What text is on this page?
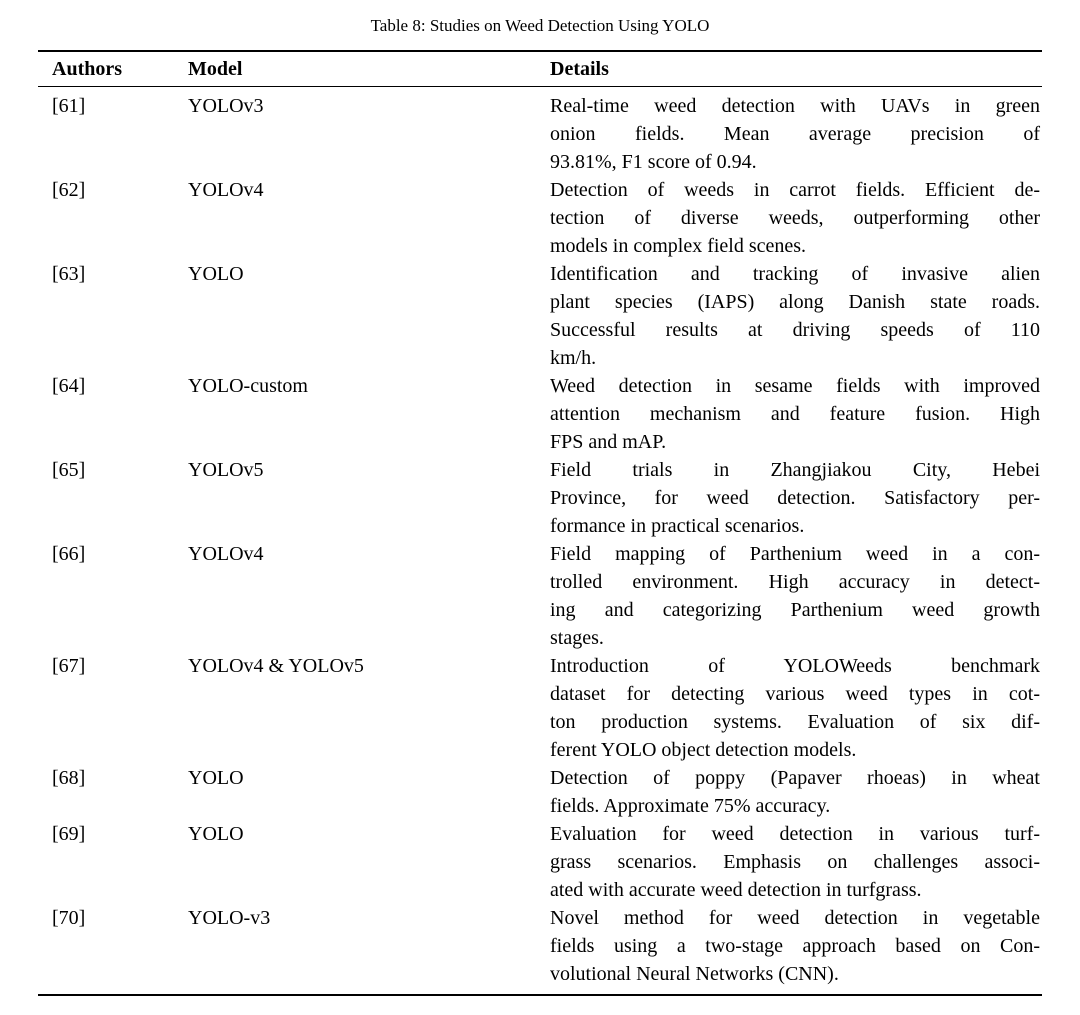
Table 8: Studies on Weed Detection Using YOLO
Authors	Model	Details
[61]	YOLOv3	Real-time weed detection with UAVs in green
onion fields. Mean average precision of
93.81%, F1 score of 0.94.
[62]	YOLOv4	Detection of weeds in carrot fields. Efficient de-
tection of diverse weeds, outperforming other
models in complex field scenes.
[63]	YOLO	Identification and tracking of invasive alien
plant species (IAPS) along Danish state roads.
Successful results at driving speeds of 110
km/h.
[64]	YOLO-custom	Weed detection in sesame fields with improved
attention mechanism and feature fusion. High
FPS and mAP.
[65]	YOLOv5	Field trials in Zhangjiakou City, Hebei
Province, for weed detection. Satisfactory per-
formance in practical scenarios.
[66]	YOLOv4	Field mapping of Parthenium weed in a con-
trolled environment. High accuracy in detect-
ing and categorizing Parthenium weed growth
stages.
[67]	YOLOv4 & YOLOv5	Introduction of YOLOWeeds benchmark
dataset for detecting various weed types in cot-
ton production systems. Evaluation of six dif-
ferent YOLO object detection models.
[68]	YOLO	Detection of poppy (Papaver rhoeas) in wheat
fields. Approximate 75% accuracy.
[69]	YOLO	Evaluation for weed detection in various turf-
grass scenarios. Emphasis on challenges associ-
ated with accurate weed detection in turfgrass.
[70]	YOLO-v3	Novel method for weed detection in vegetable
fields using a two-stage approach based on Con-
volutional Neural Networks (CNN).
